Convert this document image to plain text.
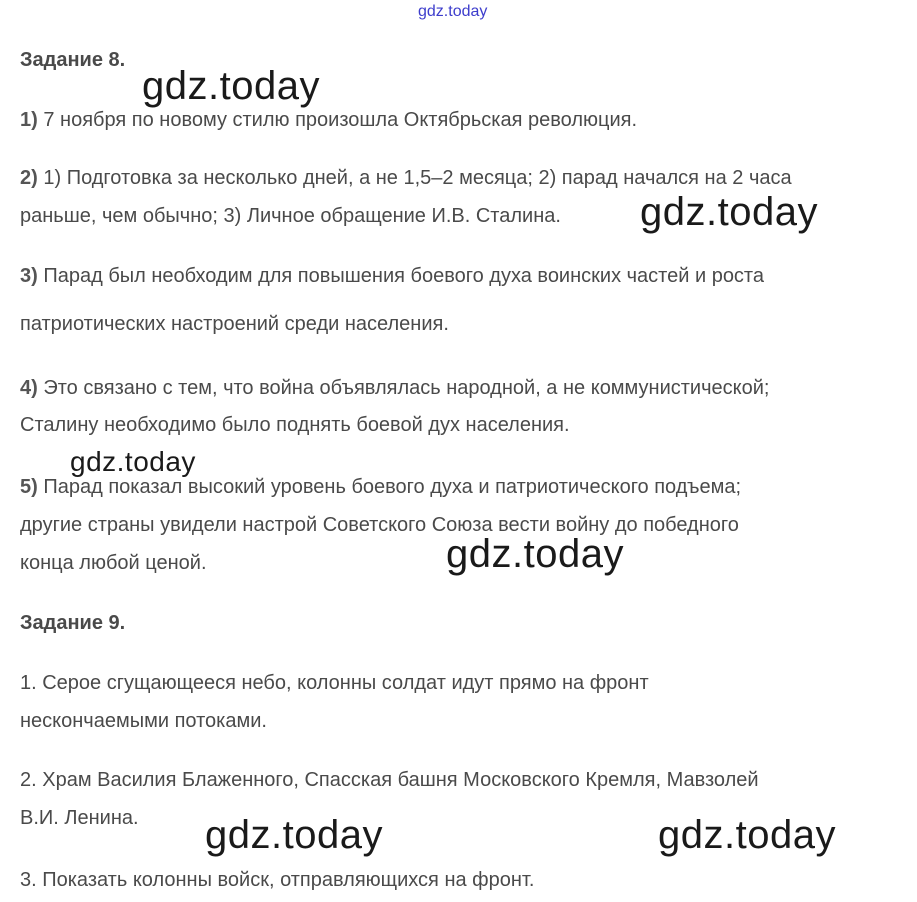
gdz.today
Задание 8.
1) 7 ноября по новому стилю произошла Октябрьская революция.
2) 1) Подготовка за несколько дней, а не 1,5–2 месяца; 2) парад начался на 2 часа
раньше, чем обычно; 3) Личное обращение И.В. Сталина.
3) Парад был необходим для повышения боевого духа воинских частей и роста
патриотических настроений среди населения.
4) Это связано с тем, что война объявлялась народной, а не коммунистической;
Сталину необходимо было поднять боевой дух населения.
5) Парад показал высокий уровень боевого духа и патриотического подъема;
другие страны увидели настрой Советского Союза вести войну до победного
конца любой ценой.
Задание 9.
1. Серое сгущающееся небо, колонны солдат идут прямо на фронт
нескончаемыми потоками.
2. Храм Василия Блаженного, Спасская башня Московского Кремля, Мавзолей
В.И. Ленина.
3. Показать колонны войск, отправляющихся на фронт.
gdz.today
gdz.today
gdz.today
gdz.today
gdz.today	gdz.today
